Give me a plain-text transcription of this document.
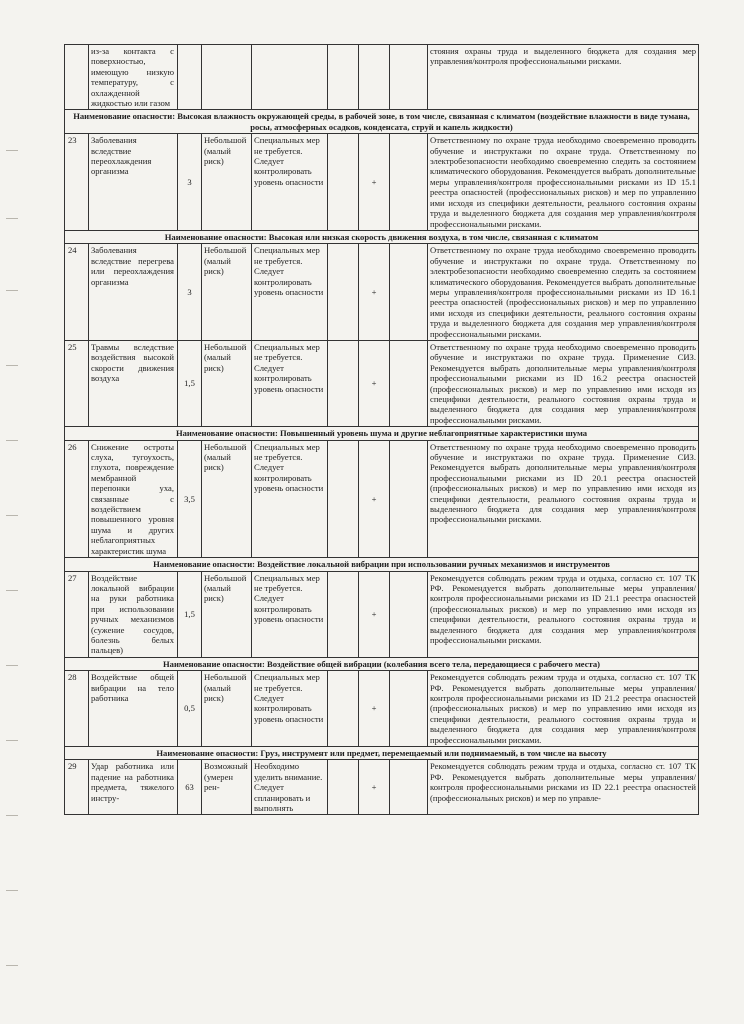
	из-за контакта с поверхностью, имеющую низкую температуру, с охлажденной жидкостью или газом							стояния охраны труда и выделенного бюджета для создания мер управления/контроля профессиональными рисками.
Наименование опасности: Высокая влажность окружающей среды, в рабочей зоне, в том числе, связанная с климатом (воздействие влажности в виде тумана, росы, атмосферных осадков, конденсата, струй и капель жидкости)								
23	Заболевания вследствие переохлаждения организма	3	Небольшой (малый риск)	Специальных мер не требуется. Следует контролировать уровень опасности		+		Ответственному по охране труда необходимо своевременно проводить обучение и инструктажи по охране труда. Ответственному по электробезопасности необходимо своевременно следить за состоянием климатического оборудования. Рекомендуется выбрать дополнительные меры управления/контроля профессиональными рисками из ID 15.1 реестра опасностей (профессиональных рисков) и мер по управлению ими исходя из специфики деятельности, реального состояния охраны труда и выделенного бюджета для создания мер управления/контроля профессиональными рисками.
Наименование опасности: Высокая или низкая скорость движения воздуха, в том числе, связанная с климатом								
24	Заболевания вследствие перегрева или переохлаждения организма	3	Небольшой (малый риск)	Специальных мер не требуется. Следует контролировать уровень опасности		+		Ответственному по охране труда необходимо своевременно проводить обучение и инструктажи по охране труда. Ответственному по электробезопасности необходимо своевременно следить за состоянием климатического оборудования. Рекомендуется выбрать дополнительные меры управления/контроля профессиональными рисками из ID 16.1 реестра опасностей (профессиональных рисков) и мер по управлению ими исходя из специфики деятельности, реального состояния охраны труда и выделенного бюджета для создания мер управления/контроля профессиональными рисками.
25	Травмы вследствие воздействия высокой скорости движения воздуха	1,5	Небольшой (малый риск)	Специальных мер не требуется. Следует контролировать уровень опасности		+		Ответственному по охране труда необходимо своевременно проводить обучение и инструктажи по охране труда. Применение СИЗ. Рекомендуется выбрать дополнительные меры управления/контроля профессиональными рисками из ID 16.2 реестра опасностей (профессиональных рисков) и мер по управлению ими исходя из специфики деятельности, реального состояния охраны труда и выделенного бюджета для создания мер управления/контроля профессиональными рисками.
Наименование опасности: Повышенный уровень шума и другие неблагоприятные характеристики шума								
26	Снижение остроты слуха, тугоухость, глухота, повреждение мембранной перепонки уха, связанные с воздействием повышенного уровня шума и других неблагоприятных характеристик шума	3,5	Небольшой (малый риск)	Специальных мер не требуется. Следует контролировать уровень опасности		+		Ответственному по охране труда необходимо своевременно проводить обучение и инструктажи по охране труда. Применение СИЗ. Рекомендуется выбрать дополнительные меры управления/контроля профессиональными рисками из ID 20.1 реестра опасностей (профессиональных рисков) и мер по управлению ими исходя из специфики деятельности, реального состояния охраны труда и выделенного бюджета для создания мер управления/контроля профессиональными рисками.
Наименование опасности: Воздействие локальной вибрации при использовании ручных механизмов и инструментов								
27	Воздействие локальной вибрации на руки работника при использовании ручных механизмов (сужение сосудов, болезнь белых пальцев)	1,5	Небольшой (малый риск)	Специальных мер не требуется. Следует контролировать уровень опасности		+		Рекомендуется соблюдать режим труда и отдыха, согласно ст. 107 ТК РФ. Рекомендуется выбрать дополнительные меры управления/контроля профессиональными рисками из ID 21.1 реестра опасностей (профессиональных рисков) и мер по управлению ими исходя из специфики деятельности, реального состояния охраны труда и выделенного бюджета для создания мер управления/контроля профессиональными рисками.
Наименование опасности: Воздействие общей вибрации (колебания всего тела, передающиеся с рабочего места)								
28	Воздействие общей вибрации на тело работника	0,5	Небольшой (малый риск)	Специальных мер не требуется. Следует контролировать уровень опасности		+		Рекомендуется соблюдать режим труда и отдыха, согласно ст. 107 ТК РФ. Рекомендуется выбрать дополнительные меры управления/контроля профессиональными рисками из ID 21.2 реестра опасностей (профессиональных рисков) и мер по управлению ими исходя из специфики деятельности, реального состояния охраны труда и выделенного бюджета для создания мер управления/контроля профессиональными рисками.
Наименование опасности: Груз, инструмент или предмет, перемещаемый или поднимаемый, в том числе на высоту								
29	Удар работника или падение на работника предмета, тяжелого инстру-	63	Возможный (умерен рен-	Необходимо уделить внимание. Следует спланировать и выполнять		+		Рекомендуется соблюдать режим труда и отдыха, согласно ст. 107 ТК РФ. Рекомендуется выбрать дополнительные меры управления/контроля профессиональными рисками из ID 22.1 реестра опасностей (профессиональных рисков) и мер по управле-
